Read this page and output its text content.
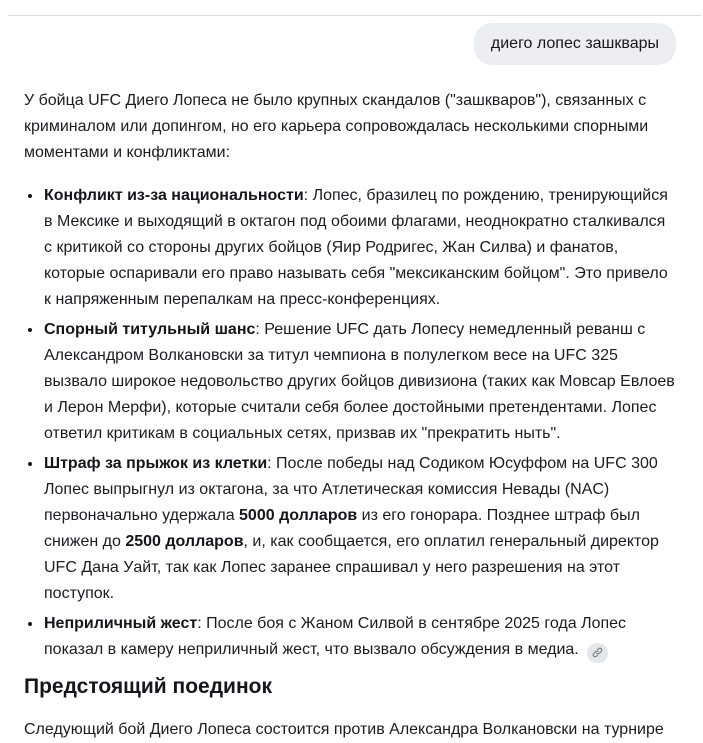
диего лопес зашквары

У бойца UFC Диего Лопеса не было крупных скандалов ("зашкваров"), связанных с криминалом или допингом, но его карьера сопровождалась несколькими спорными моментами и конфликтами:

Конфликт из-за национальности: Лопес, бразилец по рождению, тренирующийся в Мексике и выходящий в октагон под обоими флагами, неоднократно сталкивался с критикой со стороны других бойцов (Яир Родригес, Жан Силва) и фанатов, которые оспаривали его право называть себя "мексиканским бойцом". Это привело к напряженным перепалкам на пресс-конференциях.
Спорный титульный шанс: Решение UFC дать Лопесу немедленный реванш с Александром Волкановски за титул чемпиона в полулегком весе на UFC 325 вызвало широкое недовольство других бойцов дивизиона (таких как Мовсар Евлоев и Лерон Мерфи), которые считали себя более достойными претендентами. Лопес ответил критикам в социальных сетях, призвав их "прекратить ныть".
Штраф за прыжок из клетки: После победы над Содиком Юсуффом на UFC 300 Лопес выпрыгнул из октагона, за что Атлетическая комиссия Невады (NAC) первоначально удержала 5000 долларов из его гонорара. Позднее штраф был снижен до 2500 долларов, и, как сообщается, его оплатил генеральный директор UFC Дана Уайт, так как Лопес заранее спрашивал у него разрешения на этот поступок.
Неприличный жест: После боя с Жаном Силвой в сентябре 2025 года Лопес показал в камеру неприличный жест, что вызвало обсуждения в медиа.
Предстоящий поединок

Следующий бой Диего Лопеса состоится против Александра Волкановски на турнире
